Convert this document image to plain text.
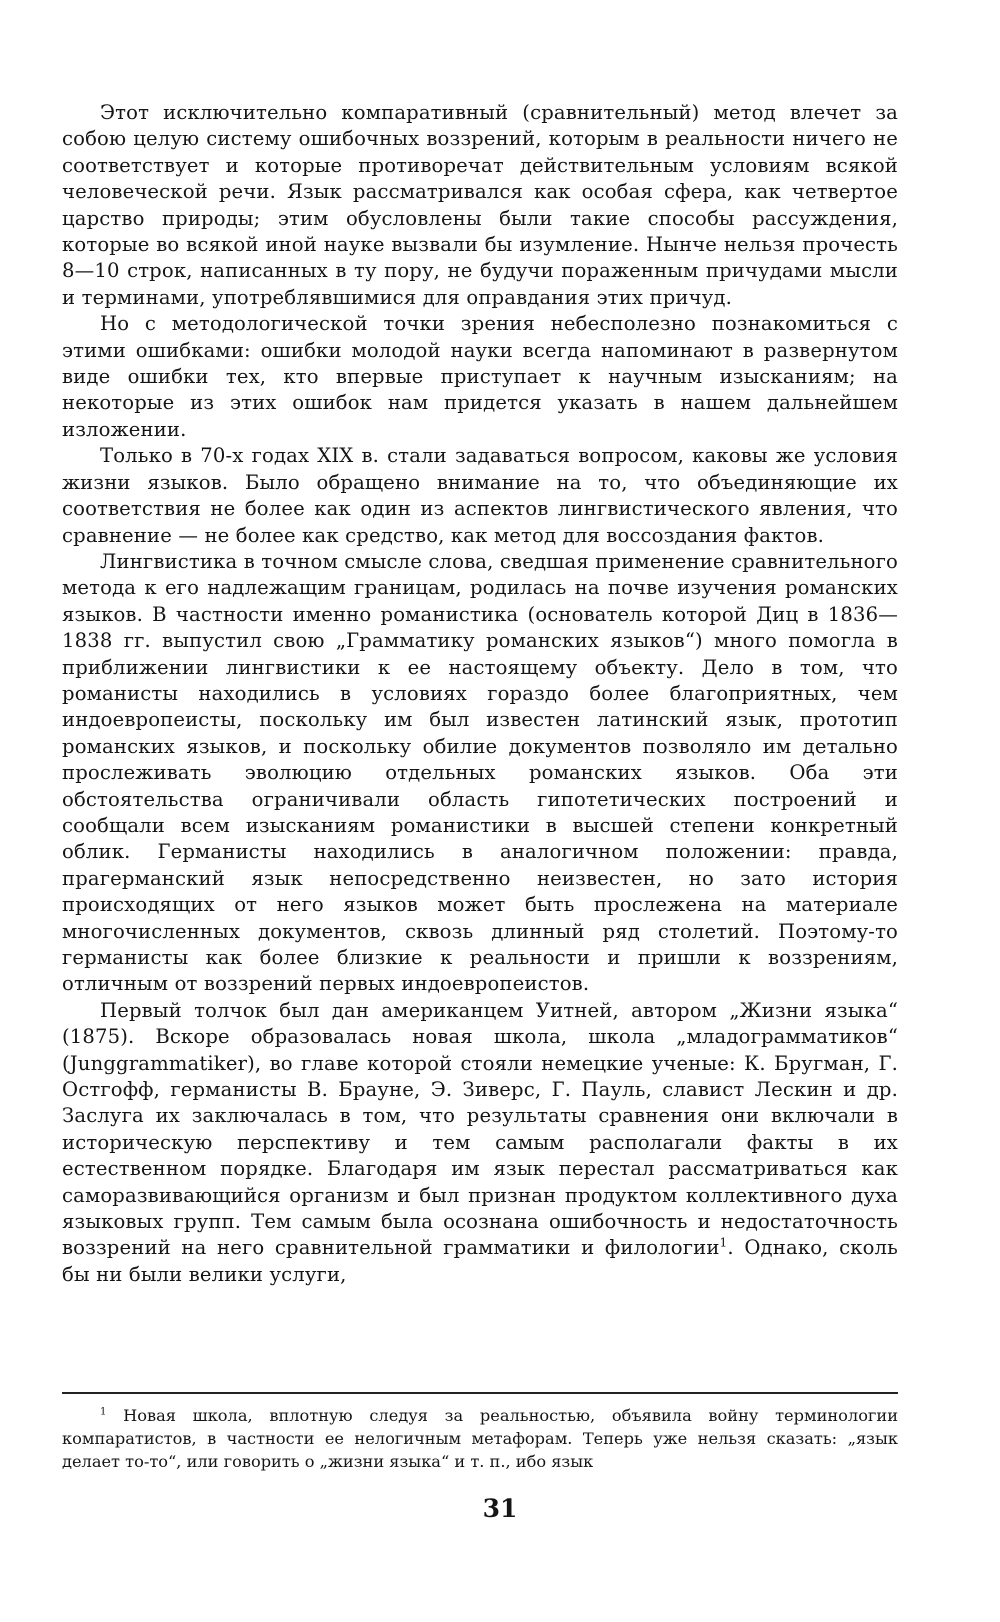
Этот исключительно компаративный (сравнительный) метод влечет за собою целую систему ошибочных воззрений, которым в реальности ничего не соответствует и которые противоречат действительным условиям всякой человеческой речи. Язык рассматривался как особая сфера, как четвертое царство природы; этим обусловлены были такие способы рассуждения, которые во всякой иной науке вызвали бы изумление. Нынче нельзя прочесть 8—10 строк, написанных в ту пору, не будучи пораженным причудами мысли и терминами, употреблявшимися для оправдания этих причуд.

Но с методологической точки зрения небесполезно познакомиться с этими ошибками: ошибки молодой науки всегда напоминают в развернутом виде ошибки тех, кто впервые приступает к научным изысканиям; на некоторые из этих ошибок нам придется указать в нашем дальнейшем изложении.

Только в 70-х годах XIX в. стали задаваться вопросом, каковы же условия жизни языков. Было обращено внимание на то, что объединяющие их соответствия не более как один из аспектов лингвистического явления, что сравнение — не более как средство, как метод для воссоздания фактов.

Лингвистика в точном смысле слова, сведшая применение сравнительного метода к его надлежащим границам, родилась на почве изучения романских языков. В частности именно романистика (основатель которой Диц в 1836—1838 гг. выпустил свою „Грамматику романских языков“) много помогла в приближении лингвистики к ее настоящему объекту. Дело в том, что романисты находились в условиях гораздо более благоприятных, чем индоевропеисты, поскольку им был известен латинский язык, прототип романских языков, и поскольку обилие документов позволяло им детально прослеживать эволюцию отдельных романских языков. Оба эти обстоятельства ограничивали область гипотетических построений и сообщали всем изысканиям романистики в высшей степени конкретный облик. Германисты находились в аналогичном положении: правда, прагерманский язык непосредственно неизвестен, но зато история происходящих от него языков может быть прослежена на материале многочисленных документов, сквозь длинный ряд столетий. Поэтому-то германисты как более близкие к реальности и пришли к воззрениям, отличным от воззрений первых индоевропеистов.

Первый толчок был дан американцем Уитней, автором „Жизни языка“ (1875). Вскоре образовалась новая школа, школа „младограмматиков“ (Junggrammatiker), во главе которой стояли немецкие ученые: К. Бругман, Г. Остгофф, германисты В. Брауне, Э. Зиверс, Г. Пауль, славист Лескин и др. Заслуга их заключалась в том, что результаты сравнения они включали в историческую перспективу и тем самым располагали факты в их естественном порядке. Благодаря им язык перестал рассматриваться как саморазвивающийся организм и был признан продуктом коллективного духа языковых групп. Тем самым была осознана ошибочность и недостаточность воззрений на него сравнительной грамматики и филологии$^1$. Однако, сколь бы ни были велики услуги,

$^1$ Новая школа, вплотную следуя за реальностью, объявила войну терминологии компаратистов, в частности ее нелогичным метафорам. Теперь уже нельзя сказать: „язык делает то-то“, или говорить о „жизни языка“ и т. п., ибо язык

31
